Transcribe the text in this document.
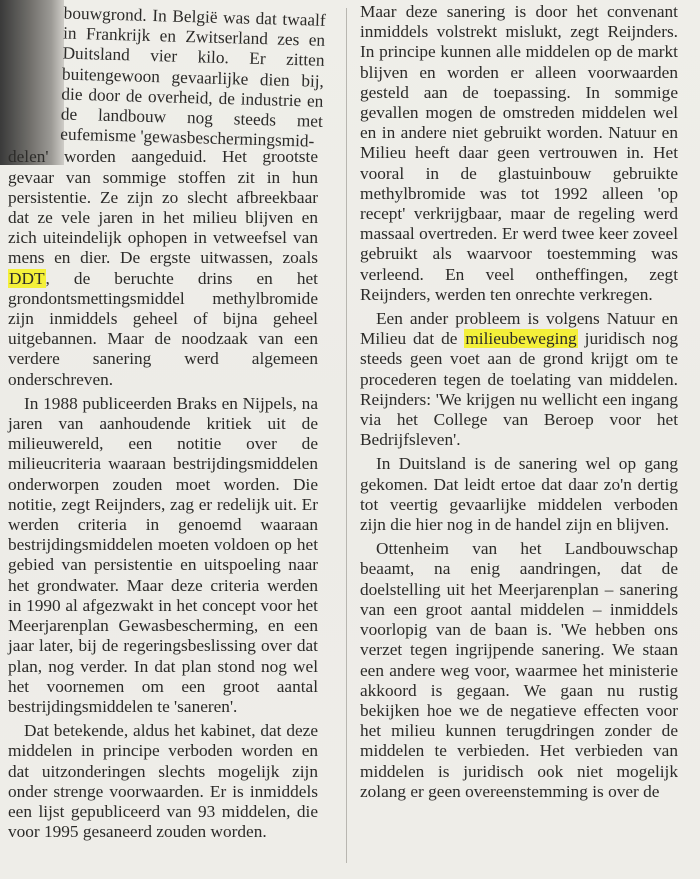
bouwgrond. In België was dat twaalf in Frankrijk en Zwitserland zes en Duitsland vier kilo. Er zitten buitengewoon gevaarlijke dien bij, die door de overheid, de industrie en de landbouw nog steeds met eufemisme 'gewasbeschermingsmid-

delen' worden aangeduid. Het grootste gevaar van sommige stoffen zit in hun persistentie. Ze zijn zo slecht afbreekbaar dat ze vele jaren in het milieu blijven en zich uiteindelijk ophopen in vetweefsel van mens en dier. De ergste uitwassen, zoals DDT, de beruchte drins en het grondontsmettingsmiddel methylbromide zijn inmiddels geheel of bijna geheel uitgebannen. Maar de noodzaak van een verdere sanering werd algemeen onderschreven.

In 1988 publiceerden Braks en Nijpels, na jaren van aanhoudende kritiek uit de milieuwereld, een notitie over de milieucriteria waaraan bestrijdingsmiddelen onderworpen zouden moet worden. Die notitie, zegt Reijnders, zag er redelijk uit. Er werden criteria in genoemd waaraan bestrijdingsmiddelen moeten voldoen op het gebied van persistentie en uitspoeling naar het grondwater. Maar deze criteria werden in 1990 al afgezwakt in het concept voor het Meerjarenplan Gewasbescherming, en een jaar later, bij de regeringsbeslissing over dat plan, nog verder. In dat plan stond nog wel het voornemen om een groot aantal bestrijdingsmiddelen te 'saneren'.

Dat betekende, aldus het kabinet, dat deze middelen in principe verboden worden en dat uitzonderingen slechts mogelijk zijn onder strenge voorwaarden. Er is inmiddels een lijst gepubliceerd van 93 middelen, die voor 1995 gesaneerd zouden worden.

Maar deze sanering is door het convenant inmiddels volstrekt mislukt, zegt Reijnders. In principe kunnen alle middelen op de markt blijven en worden er alleen voorwaarden gesteld aan de toepassing. In sommige gevallen mogen de omstreden middelen wel en in andere niet gebruikt worden. Natuur en Milieu heeft daar geen vertrouwen in. Het vooral in de glastuinbouw gebruikte methylbromide was tot 1992 alleen 'op recept' verkrijgbaar, maar de regeling werd massaal overtreden. Er werd twee keer zoveel gebruikt als waarvoor toestemming was verleend. En veel ontheffingen, zegt Reijnders, werden ten onrechte verkregen.

Een ander probleem is volgens Natuur en Milieu dat de milieubeweging juridisch nog steeds geen voet aan de grond krijgt om te procederen tegen de toelating van middelen. Reijnders: 'We krijgen nu wellicht een ingang via het College van Beroep voor het Bedrijfsleven'.

In Duitsland is de sanering wel op gang gekomen. Dat leidt ertoe dat daar zo'n dertig tot veertig gevaarlijke middelen verboden zijn die hier nog in de handel zijn en blijven.

Ottenheim van het Landbouwschap beaamt, na enig aandringen, dat de doelstelling uit het Meerjarenplan – sanering van een groot aantal middelen – inmiddels voorlopig van de baan is. 'We hebben ons verzet tegen ingrijpende sanering. We staan een andere weg voor, waarmee het ministerie akkoord is gegaan. We gaan nu rustig bekijken hoe we de negatieve effecten voor het milieu kunnen terugdringen zonder de middelen te verbieden. Het verbieden van middelen is juridisch ook niet mogelijk zolang er geen overeenstemming is over de
